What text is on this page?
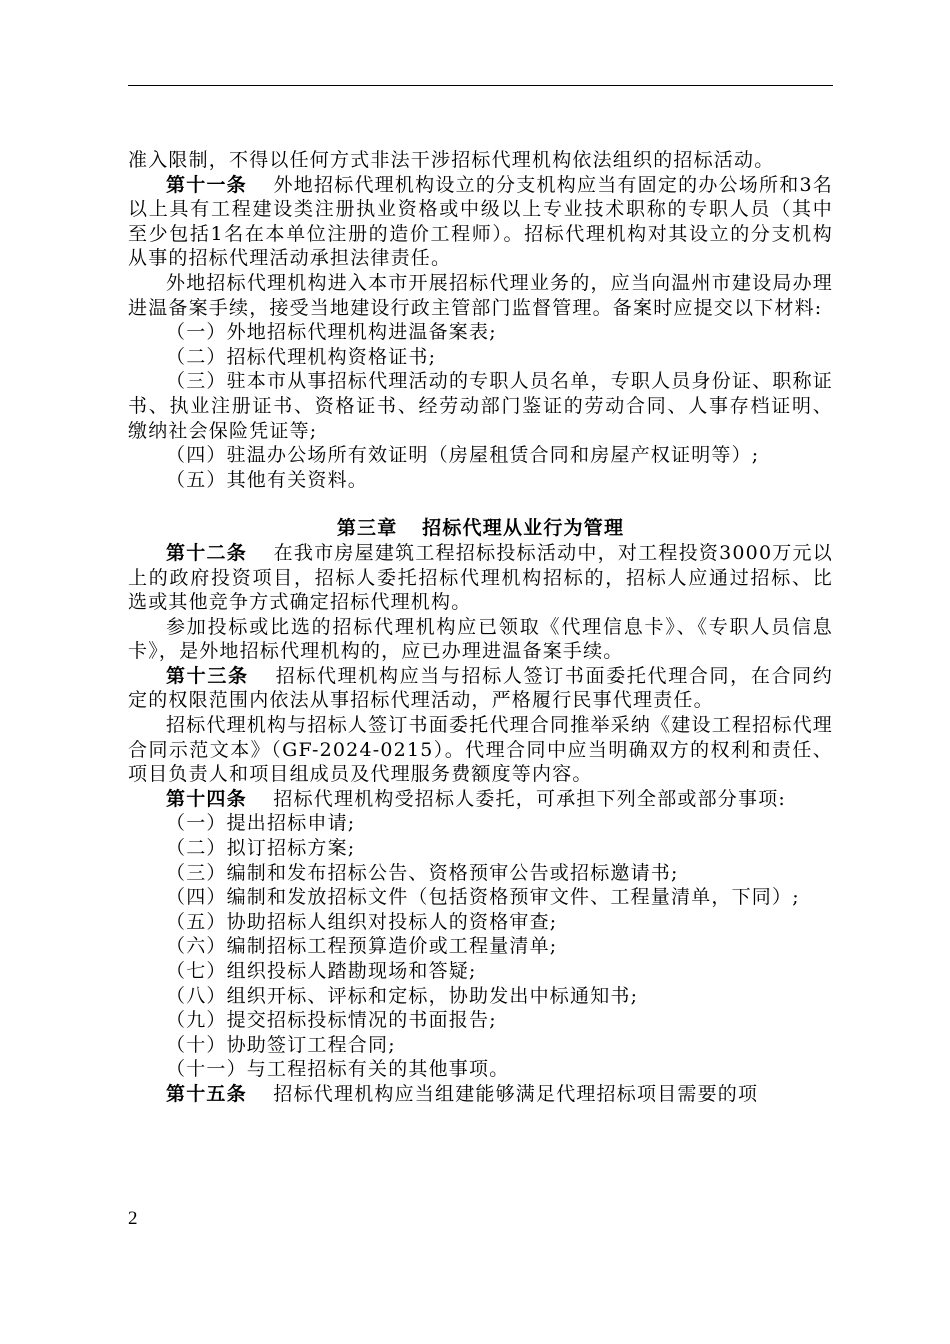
准入限制，不得以任何方式非法干涉招标代理机构依法组织的招标活动。

第十一条 外地招标代理机构设立的分支机构应当有固定的办公场所和3名以上具有工程建设类注册执业资格或中级以上专业技术职称的专职人员（其中至少包括1名在本单位注册的造价工程师）。招标代理机构对其设立的分支机构从事的招标代理活动承担法律责任。

外地招标代理机构进入本市开展招标代理业务的，应当向温州市建设局办理进温备案手续，接受当地建设行政主管部门监督管理。备案时应提交以下材料:

（一）外地招标代理机构进温备案表;

（二）招标代理机构资格证书;

（三）驻本市从事招标代理活动的专职人员名单，专职人员身份证、职称证书、执业注册证书、资格证书、经劳动部门鉴证的劳动合同、人事存档证明、缴纳社会保险凭证等;

（四）驻温办公场所有效证明（房屋租赁合同和房屋产权证明等）;

（五）其他有关资料。

第三章 招标代理从业行为管理

第十二条 在我市房屋建筑工程招标投标活动中，对工程投资3000万元以上的政府投资项目，招标人委托招标代理机构招标的，招标人应通过招标、比选或其他竞争方式确定招标代理机构。

参加投标或比选的招标代理机构应已领取《代理信息卡》、《专职人员信息卡》，是外地招标代理机构的，应已办理进温备案手续。

第十三条 招标代理机构应当与招标人签订书面委托代理合同，在合同约定的权限范围内依法从事招标代理活动，严格履行民事代理责任。

招标代理机构与招标人签订书面委托代理合同推举采纳《建设工程招标代理合同示范文本》（GF-2024-0215）。代理合同中应当明确双方的权利和责任、项目负责人和项目组成员及代理服务费额度等内容。

第十四条 招标代理机构受招标人委托，可承担下列全部或部分事项:

（一）提出招标申请;

（二）拟订招标方案;

（三）编制和发布招标公告、资格预审公告或招标邀请书;

（四）编制和发放招标文件（包括资格预审文件、工程量清单，下同）;

（五）协助招标人组织对投标人的资格审查;

（六）编制招标工程预算造价或工程量清单;

（七）组织投标人踏勘现场和答疑;

（八）组织开标、评标和定标，协助发出中标通知书;

（九）提交招标投标情况的书面报告;

（十）协助签订工程合同;

（十一）与工程招标有关的其他事项。

第十五条 招标代理机构应当组建能够满足代理招标项目需要的项

2
